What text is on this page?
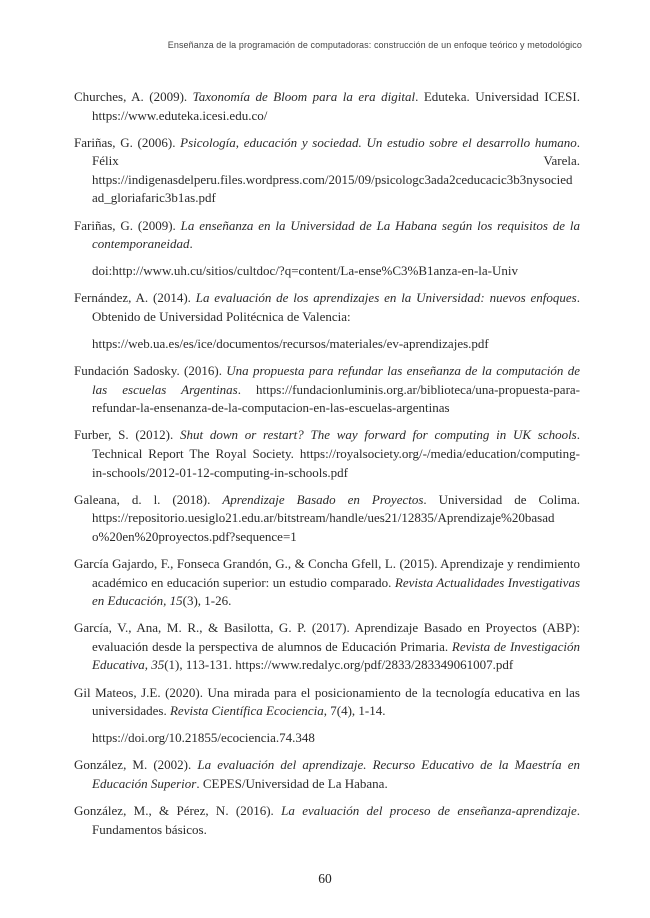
Enseñanza de la programación de computadoras: construcción de un enfoque teórico y metodológico

Churches, A. (2009). Taxonomía de Bloom para la era digital. Eduteka. Universidad ICESI. https://www.eduteka.icesi.edu.co/

Fariñas, G. (2006). Psicología, educación y sociedad. Un estudio sobre el desarrollo humano. Félix Varela. https://indigenasdelperu.files.wordpress.com/2015/09/psicologc3ada2ceducacic3b3nysocied​ad_gloriafaric3b1as.pdf

Fariñas, G. (2009). La enseñanza en la Universidad de La Habana según los requisitos de la contemporaneidad.
doi:http://www.uh.cu/sitios/cultdoc/?q=content/La-ense%C3%B1anza-en-la-Univ

Fernández, A. (2014). La evaluación de los aprendizajes en la Universidad: nuevos enfoques. Obtenido de Universidad Politécnica de Valencia:
https://web.ua.es/es/ice/documentos/recursos/materiales/ev-aprendizajes.pdf

Fundación Sadosky. (2016). Una propuesta para refundar las enseñanza de la computación de las escuelas Argentinas. https://fundacionluminis.org.ar/biblioteca/una-propuesta-para-refundar-la-ensenanza-de-la-computacion-en-las-escuelas-argentinas

Furber, S. (2012). Shut down or restart? The way forward for computing in UK schools. Technical Report The Royal Society. https://royalsociety.org/-/media/education/computing-in-schools/2012-01-12-computing-in-schools.pdf

Galeana, d. l. (2018). Aprendizaje Basado en Proyectos. Universidad de Colima. https://repositorio.uesiglo21.edu.ar/bitstream/handle/ues21/12835/Aprendizaje%20basad​o%20en%20proyectos.pdf?sequence=1

García Gajardo, F., Fonseca Grandón, G., & Concha Gfell, L. (2015). Aprendizaje y rendimiento académico en educación superior: un estudio comparado. Revista Actualidades Investigativas en Educación, 15(3), 1-26.

García, V., Ana, M. R., & Basilotta, G. P. (2017). Aprendizaje Basado en Proyectos (ABP): evaluación desde la perspectiva de alumnos de Educación Primaria. Revista de Investigación Educativa, 35(1), 113-131. https://www.redalyc.org/pdf/2833/283349061007.pdf

Gil Mateos, J.E. (2020). Una mirada para el posicionamiento de la tecnología educativa en las universidades. Revista Científica Ecociencia, 7(4), 1-14.
https://doi.org/10.21855/ecociencia.74.348

González, M. (2002). La evaluación del aprendizaje. Recurso Educativo de la Maestría en Educación Superior. CEPES/Universidad de La Habana.

González, M., & Pérez, N. (2016). La evaluación del proceso de enseñanza-aprendizaje. Fundamentos básicos.

60
